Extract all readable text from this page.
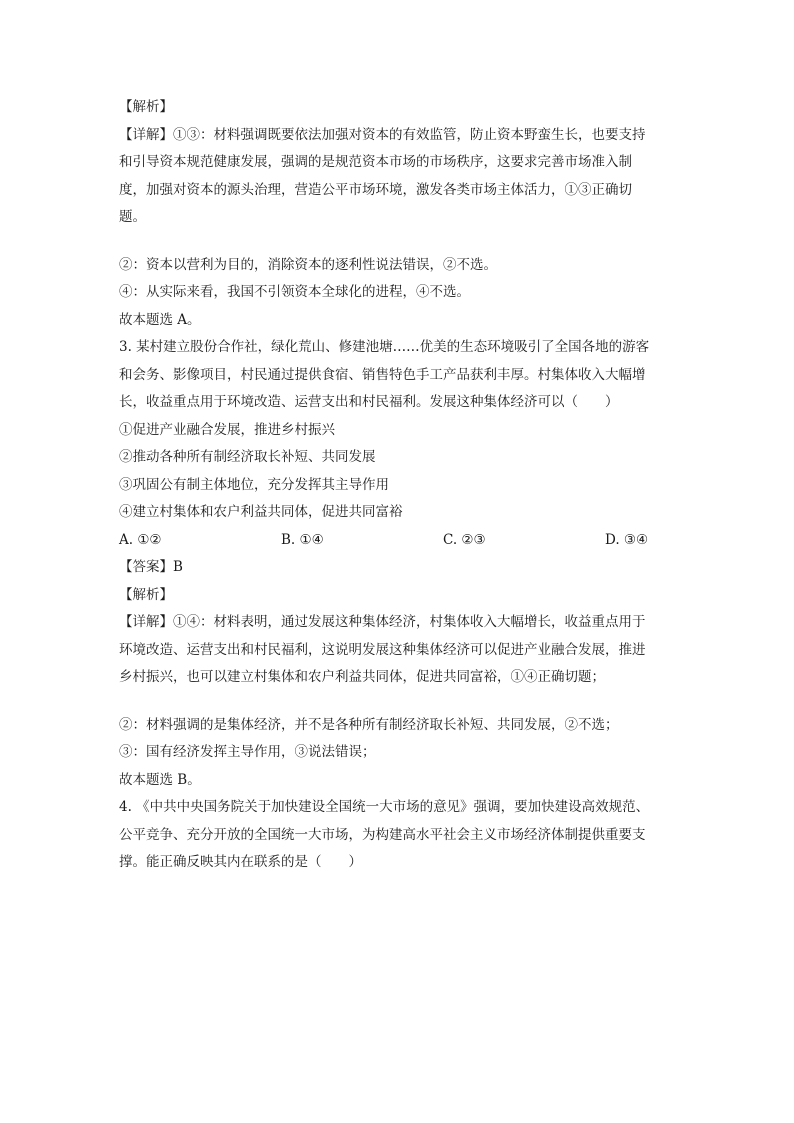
【解析】
【详解】①③：材料强调既要依法加强对资本的有效监管，防止资本野蛮生长，也要支持
和引导资本规范健康发展，强调的是规范资本市场的市场秩序，这要求完善市场准入制
度，加强对资本的源头治理，营造公平市场环境，激发各类市场主体活力，①③正确切
题。
②：资本以营利为目的，消除资本的逐利性说法错误，②不选。
④：从实际来看，我国不引领资本全球化的进程，④不选。
故本题选 A。
3. 某村建立股份合作社，绿化荒山、修建池塘……优美的生态环境吸引了全国各地的游客
和会务、影像项目，村民通过提供食宿、销售特色手工产品获利丰厚。村集体收入大幅增
长，收益重点用于环境改造、运营支出和村民福利。发展这种集体经济可以（　　）
①促进产业融合发展，推进乡村振兴
②推动各种所有制经济取长补短、共同发展
③巩固公有制主体地位，充分发挥其主导作用
④建立村集体和农户利益共同体，促进共同富裕
A. ①②	B. ①④	C. ②③	D. ③④
【答案】B
【解析】
【详解】①④：材料表明，通过发展这种集体经济，村集体收入大幅增长，收益重点用于
环境改造、运营支出和村民福利，这说明发展这种集体经济可以促进产业融合发展，推进
乡村振兴，也可以建立村集体和农户利益共同体，促进共同富裕，①④正确切题；
②：材料强调的是集体经济，并不是各种所有制经济取长补短、共同发展，②不选；
③：国有经济发挥主导作用，③说法错误；
故本题选 B。
4. 《中共中央国务院关于加快建设全国统一大市场的意见》强调，要加快建设高效规范、
公平竞争、充分开放的全国统一大市场，为构建高水平社会主义市场经济体制提供重要支
撑。能正确反映其内在联系的是（　　）
